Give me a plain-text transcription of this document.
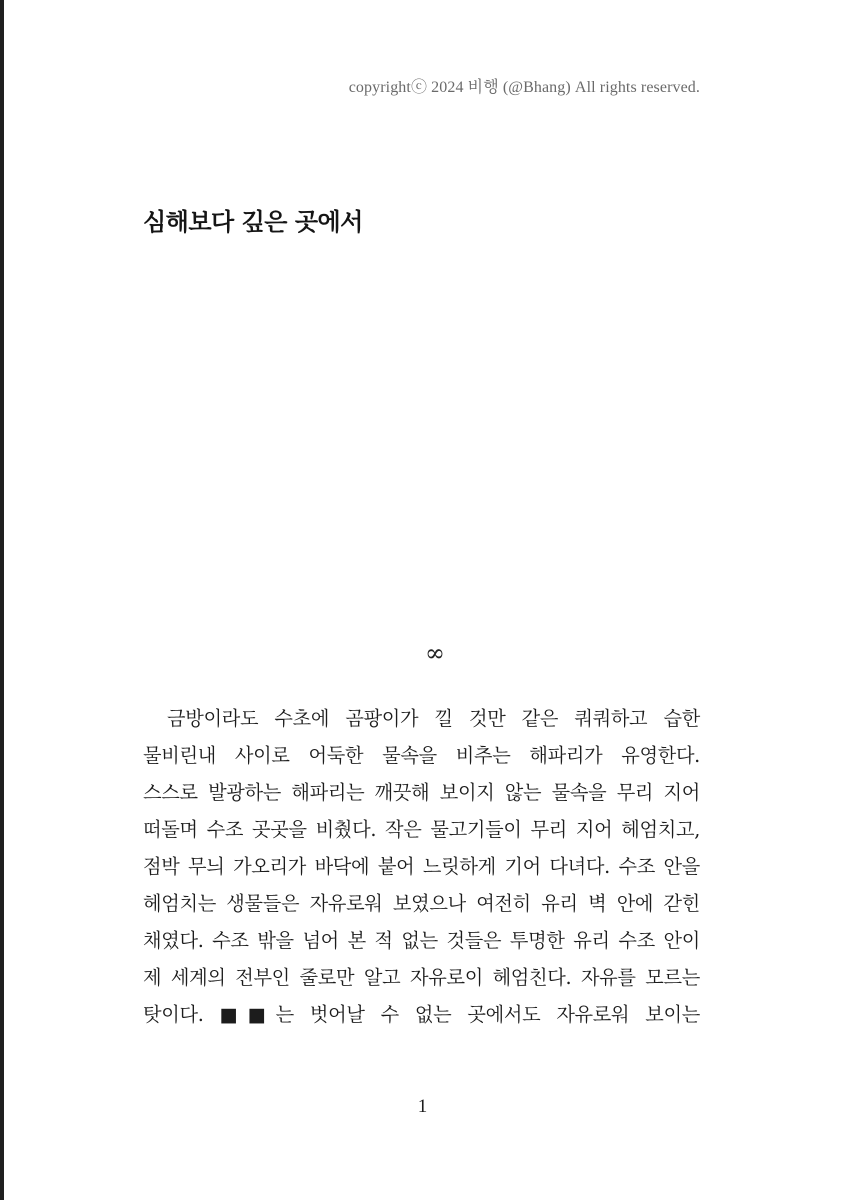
copyrightⓒ 2024 비행 (@Bhang) All rights reserved.
심해보다 깊은 곳에서
∞
금방이라도 수초에 곰팡이가 낄 것만 같은 쿼쿼하고 습한
물비린내 사이로 어둑한 물속을 비추는 해파리가 유영한다.
스스로 발광하는 해파리는 깨끗해 보이지 않는 물속을 무리 지어
떠돌며 수조 곳곳을 비췄다. 작은 물고기들이 무리 지어 헤엄치고,
점박 무늬 가오리가 바닥에 붙어 느릿하게 기어 다녀다. 수조 안을
헤엄치는 생물들은 자유로워 보였으나 여전히 유리 벽 안에 갇힌
채였다. 수조 밖을 넘어 본 적 없는 것들은 투명한 유리 수조 안이
제 세계의 전부인 줄로만 알고 자유로이 헤엄친다. 자유를 모르는
탓이다. ■■는 벗어날 수 없는 곳에서도 자유로워 보이는
1
